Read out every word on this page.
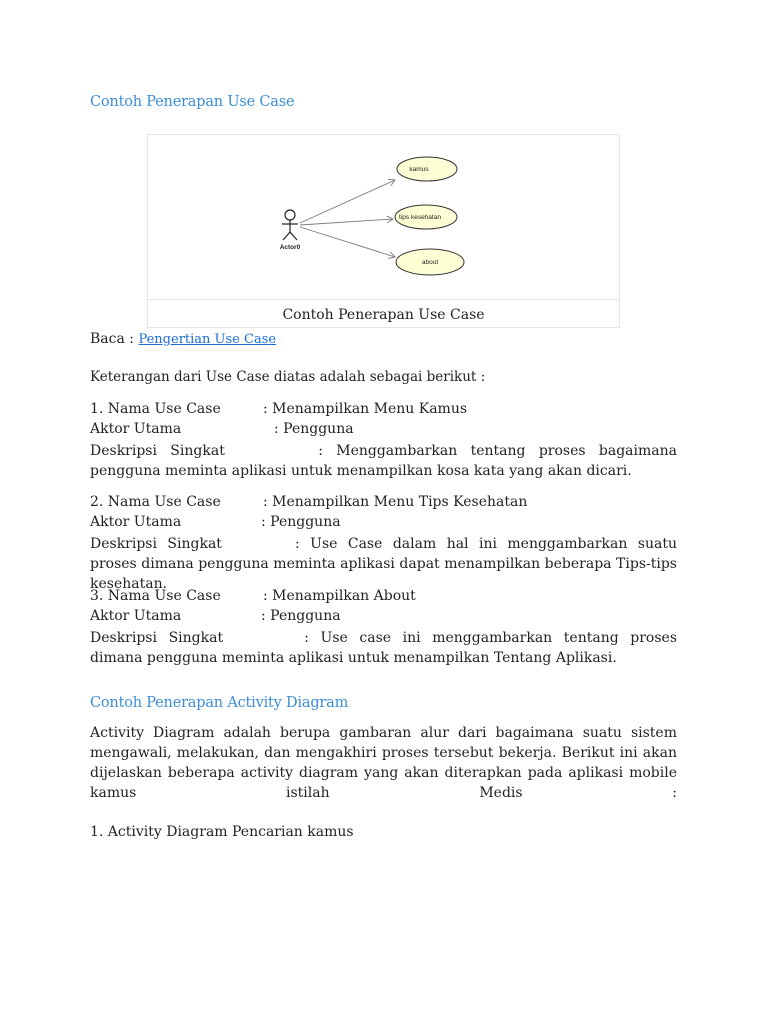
Contoh Penerapan Use Case
Actor0
kamus
tips kesehatan
about
Contoh Penerapan Use Case
Baca : Pengertian Use Case
Keterangan dari Use Case diatas adalah sebagai berikut :
1. Nama Use Case	: Menampilkan Menu Kamus
Aktor Utama	: Pengguna
Deskripsi  Singkat              :  Menggambarkan  tentang  proses  bagaimana  pengguna meminta aplikasi untuk menampilkan kosa kata yang akan dicari.
2. Nama Use Case	: Menampilkan Menu Tips Kesehatan
Aktor Utama	: Pengguna
Deskripsi  Singkat              :  Use  Case  dalam  hal  ini  menggambarkan  suatu  proses dimana pengguna meminta aplikasi dapat menampilkan beberapa Tips-tips kesehatan.
3. Nama Use Case	: Menampilkan About
Aktor Utama	: Pengguna
Deskripsi  Singkat              :  Use  case  ini  menggambarkan  tentang  proses  dimana pengguna meminta aplikasi untuk menampilkan Tentang Aplikasi.
Contoh Penerapan Activity Diagram
Activity Diagram adalah berupa gambaran alur dari bagaimana suatu sistem mengawali, melakukan, dan mengakhiri proses tersebut bekerja. Berikut ini akan dijelaskan beberapa activity diagram yang akan diterapkan pada aplikasi mobile kamus istilah Medis :
1. Activity Diagram Pencarian kamus
